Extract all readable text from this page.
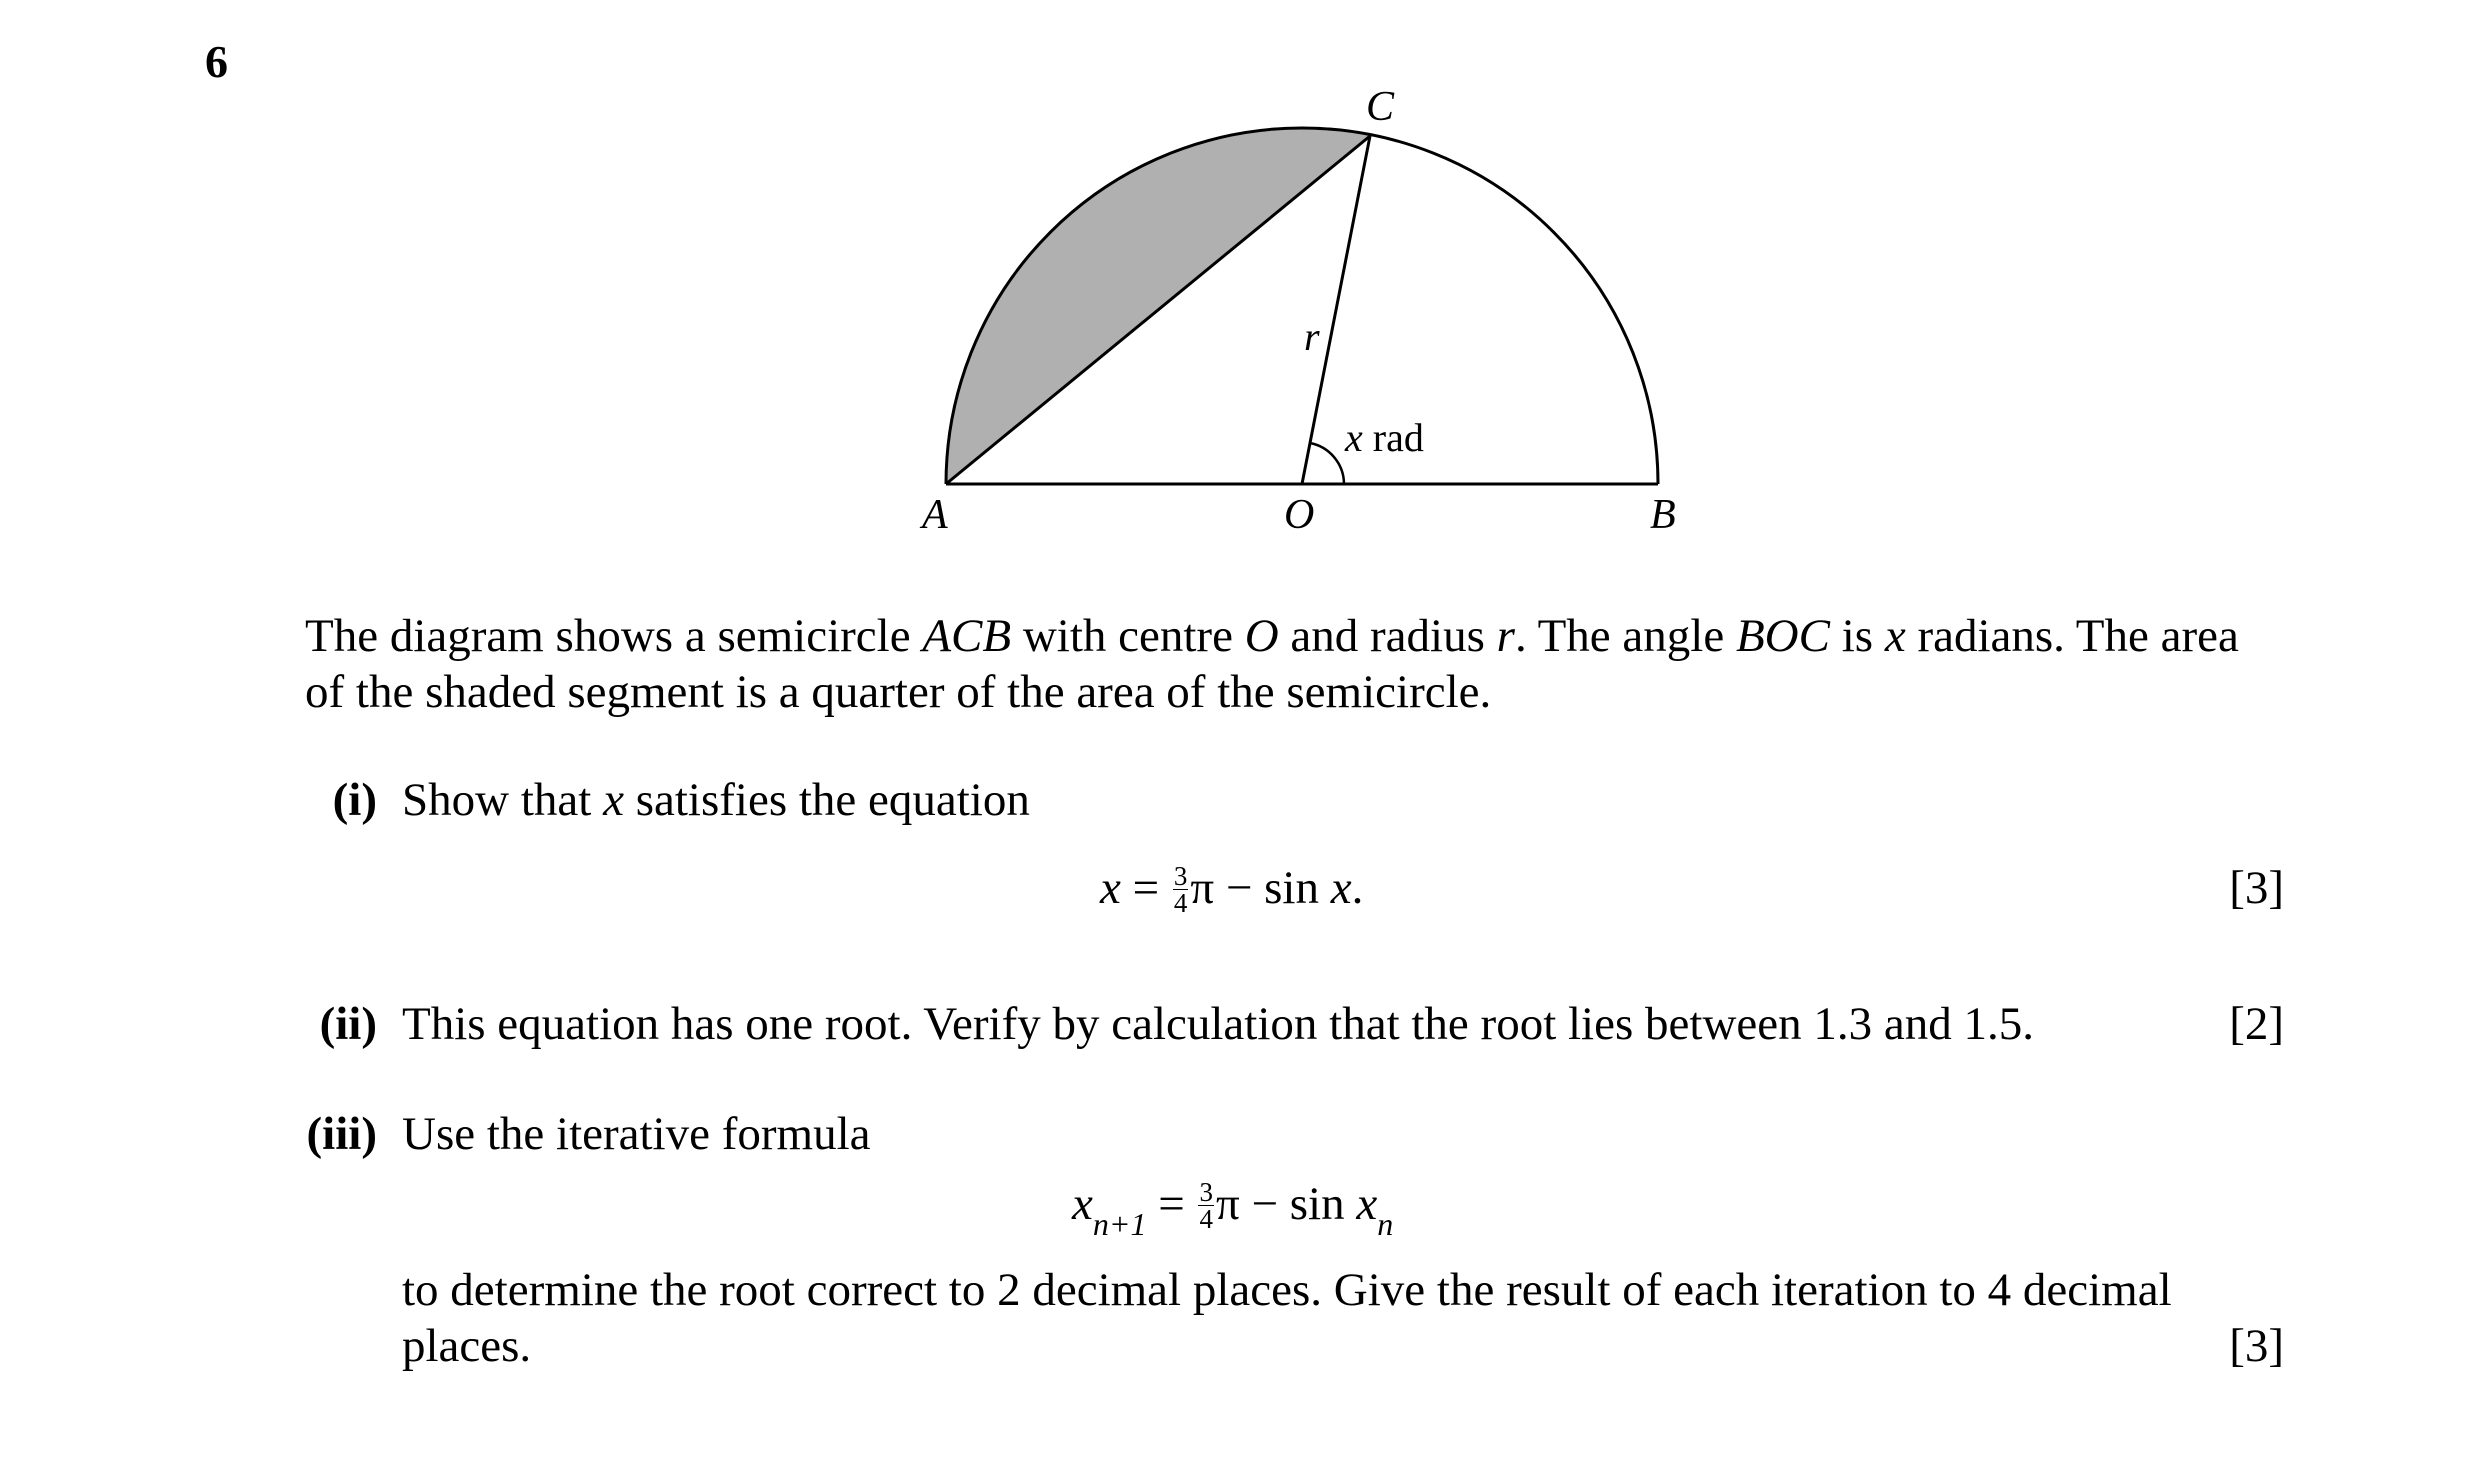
6
A	O	B
C
r
x rad
The diagram shows a semicircle ACB with centre O and radius r. The angle BOC is x radians. The area of the shaded segment is a quarter of the area of the semicircle.
(i) Show that x satisfies the equation
$x = \frac{3}{4}$ π − sin x.	[3]
(ii) This equation has one root. Verify by calculation that the root lies between 1.3 and 1.5.	[2]
(iii) Use the iterative formula
$x_{n+1} = \frac{3}{4}$ $\pi - \sin x_n$
to determine the root correct to 2 decimal places. Give the result of each iteration to 4 decimal places.	[3]
